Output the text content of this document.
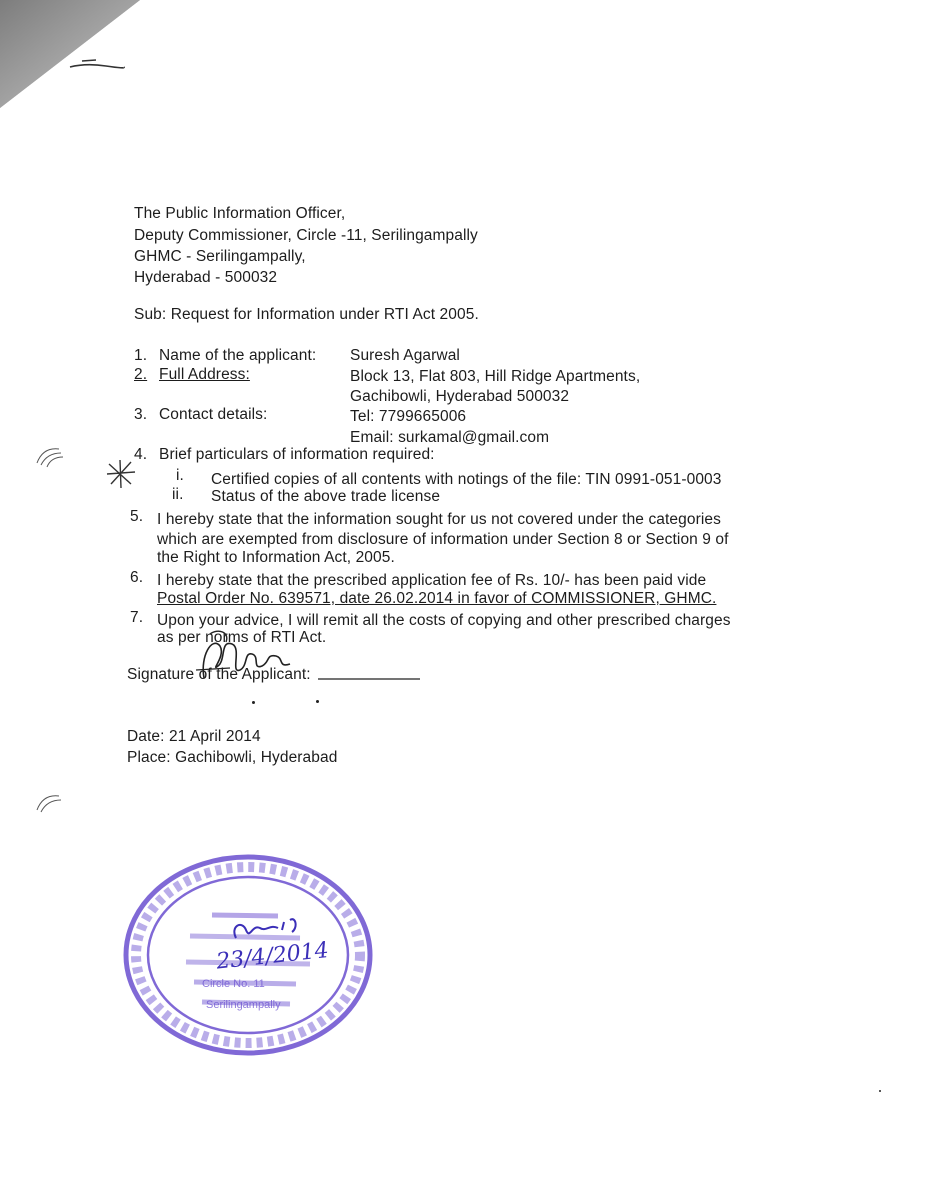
The Public Information Officer,
Deputy Commissioner, Circle -11, Serilingampally
GHMC - Serilingampally,
Hyderabad - 500032
Sub: Request for Information under RTI Act 2005.
1. Name of the applicant: Suresh Agarwal
2. Full Address:	Block 13, Flat 803, Hill Ridge Apartments,
Gachibowli, Hyderabad 500032
3. Contact details:	Tel: 7799665006
Email: surkamal@gmail.com
4. Brief particulars of information required:
i. Certified copies of all contents with notings of the file: TIN 0991-051-0003
ii. Status of the above trade license
5. I hereby state that the information sought for us not covered under the categories
which are exempted from disclosure of information under Section 8 or Section 9 of
the Right to Information Act, 2005.
6. I hereby state that the prescribed application fee of Rs. 10/- has been paid vide
Postal Order No. 639571, date 26.02.2014 in favor of COMMISSIONER, GHMC.
7. Upon your advice, I will remit all the costs of copying and other prescribed charges
as per norms of RTI Act.
Signature of the Applicant:
Date: 21 April 2014
Place: Gachibowli, Hyderabad
Circle No. 11
Serilingampally
23/4/2014
